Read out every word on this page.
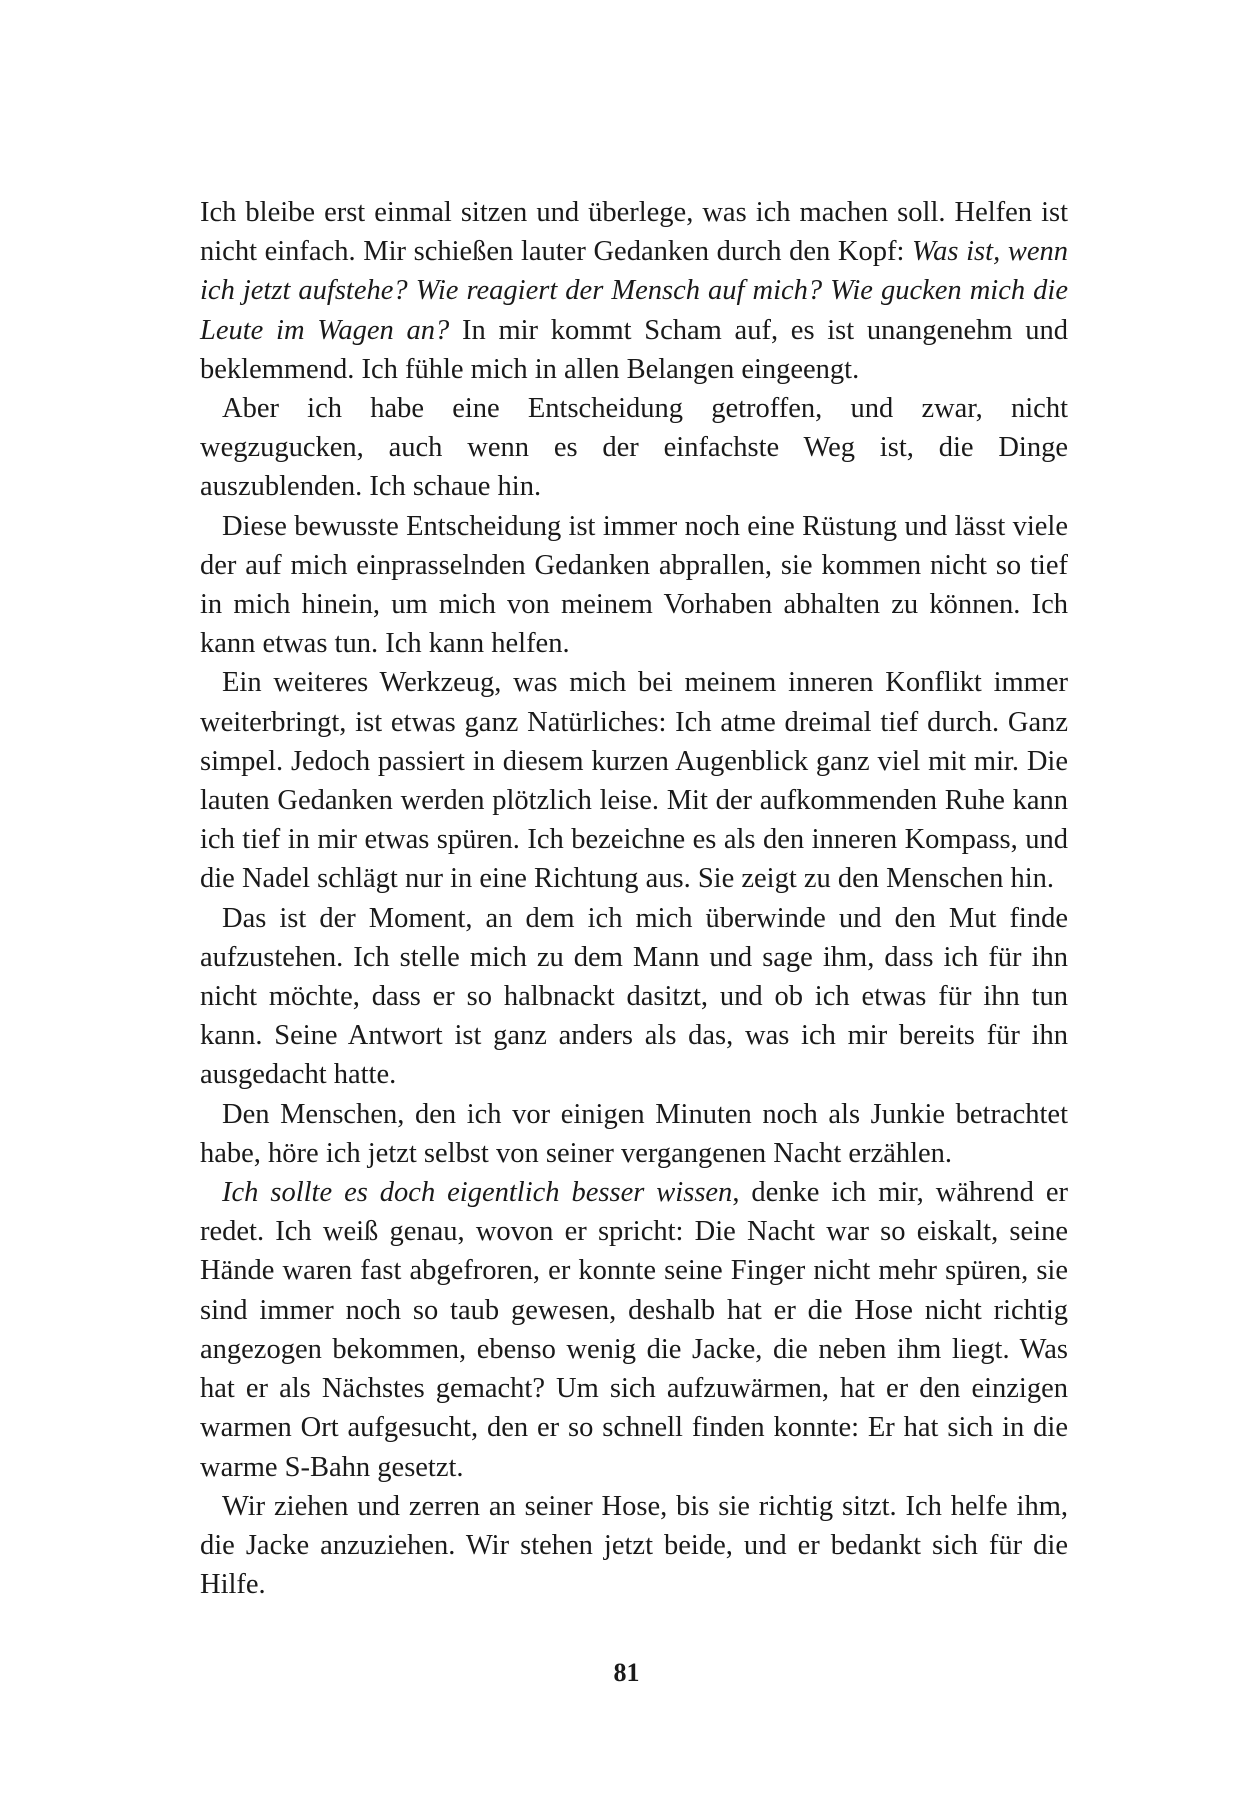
Ich bleibe erst einmal sitzen und überlege, was ich machen soll. Helfen ist nicht einfach. Mir schießen lauter Gedanken durch den Kopf: Was ist, wenn ich jetzt aufstehe? Wie reagiert der Mensch auf mich? Wie gucken mich die Leute im Wagen an? In mir kommt Scham auf, es ist unangenehm und beklemmend. Ich fühle mich in allen Belangen eingeengt.

Aber ich habe eine Entscheidung getroffen, und zwar, nicht wegzugucken, auch wenn es der einfachste Weg ist, die Dinge auszublenden. Ich schaue hin.

Diese bewusste Entscheidung ist immer noch eine Rüstung und lässt viele der auf mich einprasselnden Gedanken abprallen, sie kommen nicht so tief in mich hinein, um mich von meinem Vorhaben abhalten zu können. Ich kann etwas tun. Ich kann helfen.

Ein weiteres Werkzeug, was mich bei meinem inneren Konflikt immer weiterbringt, ist etwas ganz Natürliches: Ich atme dreimal tief durch. Ganz simpel. Jedoch passiert in diesem kurzen Augenblick ganz viel mit mir. Die lauten Gedanken werden plötzlich leise. Mit der aufkommenden Ruhe kann ich tief in mir etwas spüren. Ich bezeichne es als den inneren Kompass, und die Nadel schlägt nur in eine Richtung aus. Sie zeigt zu den Menschen hin.

Das ist der Moment, an dem ich mich überwinde und den Mut finde aufzustehen. Ich stelle mich zu dem Mann und sage ihm, dass ich für ihn nicht möchte, dass er so halbnackt dasitzt, und ob ich etwas für ihn tun kann. Seine Antwort ist ganz anders als das, was ich mir bereits für ihn ausgedacht hatte.

Den Menschen, den ich vor einigen Minuten noch als Junkie betrachtet habe, höre ich jetzt selbst von seiner vergangenen Nacht erzählen.

Ich sollte es doch eigentlich besser wissen, denke ich mir, während er redet. Ich weiß genau, wovon er spricht: Die Nacht war so eiskalt, seine Hände waren fast abgefroren, er konnte seine Finger nicht mehr spüren, sie sind immer noch so taub gewesen, deshalb hat er die Hose nicht richtig angezogen bekommen, ebenso wenig die Jacke, die neben ihm liegt. Was hat er als Nächstes gemacht? Um sich aufzuwärmen, hat er den einzigen warmen Ort aufgesucht, den er so schnell finden konnte: Er hat sich in die warme S-Bahn gesetzt.

Wir ziehen und zerren an seiner Hose, bis sie richtig sitzt. Ich helfe ihm, die Jacke anzuziehen. Wir stehen jetzt beide, und er bedankt sich für die Hilfe.

81
